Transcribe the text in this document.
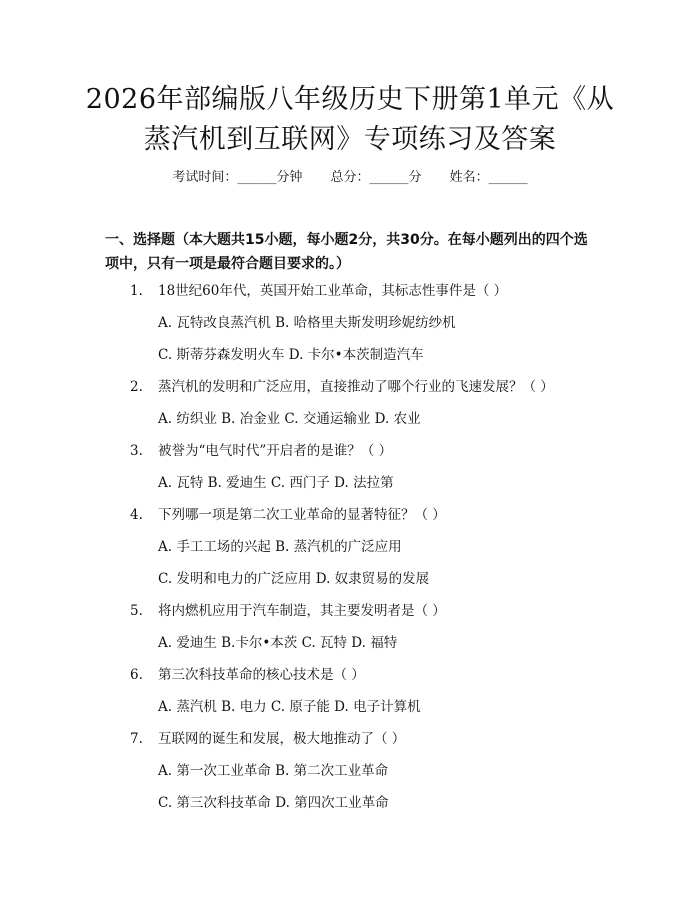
2026年部编版八年级历史下册第1单元《从
蒸汽机到互联网》专项练习及答案
考试时间：______分钟 总分：______分 姓名：______
一、选择题（本大题共15小题，每小题2分，共30分。在每小题列出的四个选
项中，只有一项是最符合题目要求的。）
1. 18世纪60年代，英国开始工业革命，其标志性事件是（ ）
A. 瓦特改良蒸汽机 B. 哈格里夫斯发明珍妮纺纱机
C. 斯蒂芬森发明火车 D. 卡尔•本茨制造汽车
2. 蒸汽机的发明和广泛应用，直接推动了哪个行业的飞速发展？（ ）
A. 纺织业 B. 冶金业 C. 交通运输业 D. 农业
3. 被誉为“电气时代”开启者的是谁？（ ）
A. 瓦特 B. 爱迪生 C. 西门子 D. 法拉第
4. 下列哪一项是第二次工业革命的显著特征？（ ）
A. 手工工场的兴起 B. 蒸汽机的广泛应用
C. 发明和电力的广泛应用 D. 奴隶贸易的发展
5. 将内燃机应用于汽车制造，其主要发明者是（ ）
A. 爱迪生 B.卡尔•本茨 C. 瓦特 D. 福特
6. 第三次科技革命的核心技术是（ ）
A. 蒸汽机 B. 电力 C. 原子能 D. 电子计算机
7. 互联网的诞生和发展，极大地推动了（ ）
A. 第一次工业革命 B. 第二次工业革命
C. 第三次科技革命 D. 第四次工业革命
